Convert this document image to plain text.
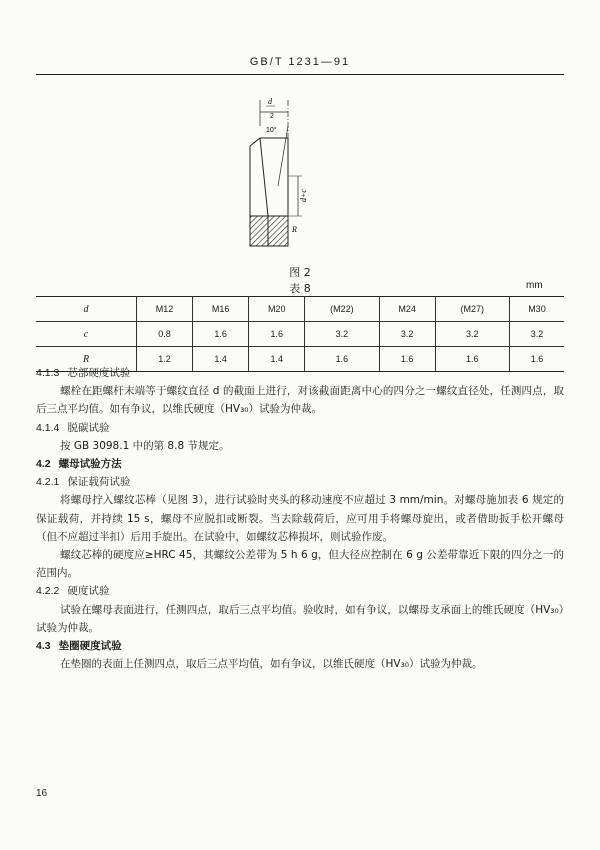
GB/T 1231—91
d
2
10°
d+c
R
图 2
表 8	mm
d	M12	M16	M20	(M22)	M24	(M27)	M30
c	0.8	1.6	1.6	3.2	3.2	3.2	3.2
R	1.2	1.4	1.4	1.6	1.6	1.6	1.6

4.1.3 芯部硬度试验

螺栓在距螺杆末端等于螺纹直径 d 的截面上进行，对该截面距离中心的四分之一螺纹直径处，任测四点，取后三点平均值。如有争议，以维氏硬度（HV₃₀）试验为仲裁。

4.1.4 脱碳试验

按 GB 3098.1 中的第 8.8 节规定。

4.2 螺母试验方法

4.2.1 保证载荷试验

将螺母拧入螺纹芯棒（见图 3），进行试验时夹头的移动速度不应超过 3 mm/min。对螺母施加表 6 规定的保证载荷，并持续 15 s，螺母不应脱扣或断裂。当去除载荷后，应可用手将螺母旋出，或者借助扳手松开螺母（但不应超过半扣）后用手旋出。在试验中，如螺纹芯棒损坏，则试验作废。

螺纹芯棒的硬度应≥HRC 45，其螺纹公差带为 5 h 6 g，但大径应控制在 6 g 公差带靠近下限的四分之一的范围内。

4.2.2 硬度试验

试验在螺母表面进行，任测四点，取后三点平均值。验收时，如有争议，以螺母支承面上的维氏硬度（HV₃₀）试验为仲裁。

4.3 垫圈硬度试验

在垫圈的表面上任测四点，取后三点平均值，如有争议，以维氏硬度（HV₃₀）试验为仲裁。

16
